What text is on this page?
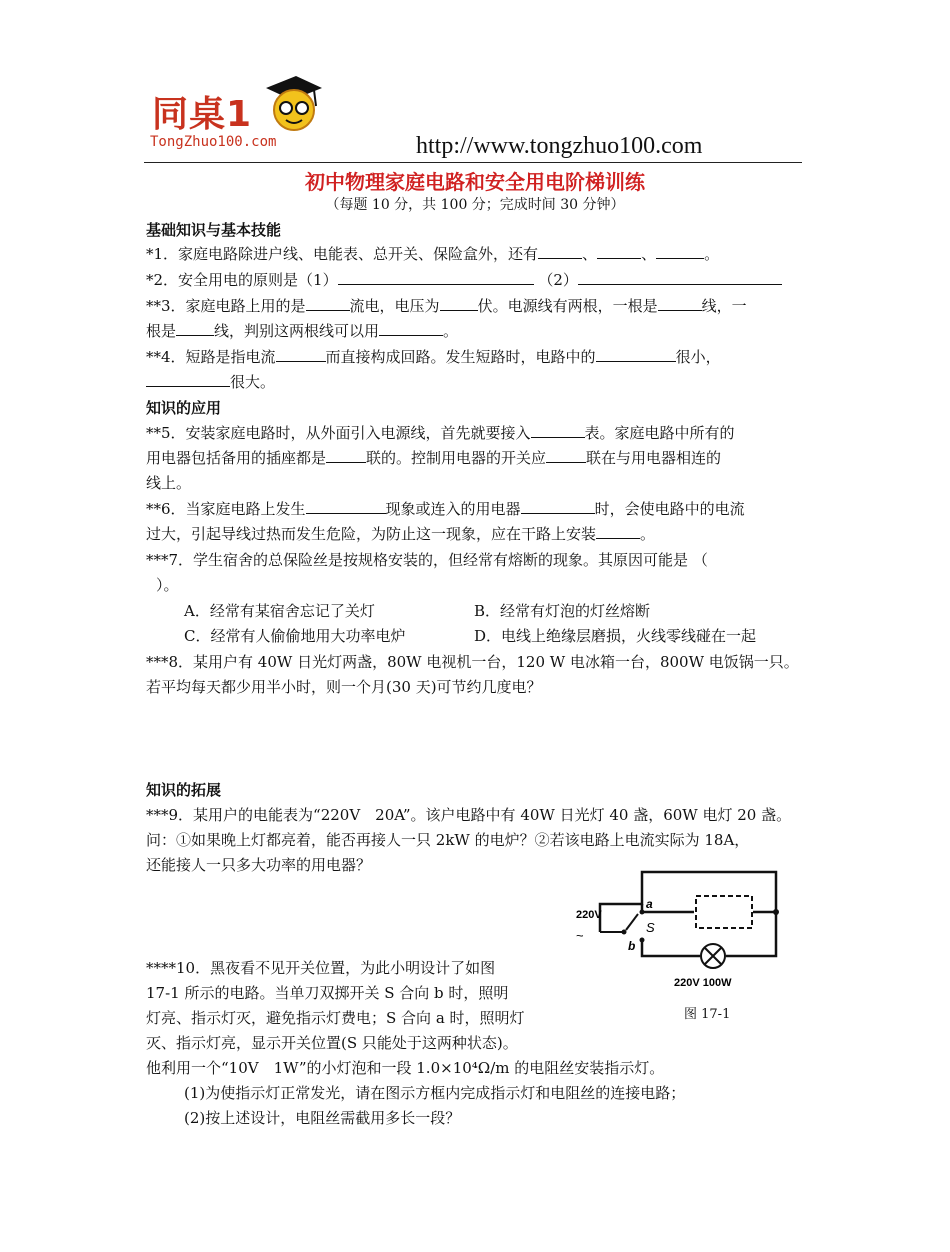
同桌1
TongZhuo100.com	http://www.tongzhuo100.com
初中物理家庭电路和安全用电阶梯训练
（每题 10 分，共 100 分；完成时间 30 分钟）
基础知识与基本技能
*1．家庭电路除进户线、电能表、总开关、保险盒外，还有	、	、	。
*2．安全用电的原则是（1）	（2）
**3．家庭电路上用的是	流电，电压为	伏。电源线有两根，一根是	线，一
根是	线，判别这两根线可以用	。
**4．短路是指电流	而直接构成回路。发生短路时，电路中的	很小，
很大。
知识的应用
**5．安装家庭电路时，从外面引入电源线，首先就要接入	表。家庭电路中所有的
用电器包括备用的插座都是	联的。控制用电器的开关应	联在与用电器相连的
线上。
**6．当家庭电路上发生	现象或连入的用电器	时，会使电路中的电流
过大，引起导线过热而发生危险，为防止这一现象，应在干路上安装	。
***7．学生宿舍的总保险丝是按规格安装的，但经常有熔断的现象。其原因可能是 （
）。
A．经常有某宿舍忘记了关灯	B．经常有灯泡的灯丝熔断
C．经常有人偷偷地用大功率电炉	D．电线上绝缘层磨损，火线零线碰在一起
***8．某用户有 40W 日光灯两盏，80W 电视机一台，120 W 电冰箱一台，800W 电饭锅一只。
若平均每天都少用半小时，则一个月(30 天)可节约几度电？
知识的拓展
***9．某用户的电能表为“220V　20A”。该户电路中有 40W 日光灯 40 盏，60W 电灯 20 盏。
问：①如果晚上灯都亮着，能否再接人一只 2kW 的电炉？②若该电路上电流实际为 18A，
还能接人一只多大功率的用电器？
****10．黑夜看不见开关位置，为此小明设计了如图
17-1 所示的电路。当单刀双掷开关 S 合向 b 时，照明
灯亮、指示灯灭，避免指示灯费电；S 合向 a 时，照明灯
灭、指示灯亮，显示开关位置(S 只能处于这两种状态)。
他利用一个“10V　1W”的小灯泡和一段 1.0×10⁴Ω/m 的电阻丝安装指示灯。
(1)为使指示灯正常发光，请在图示方框内完成指示灯和电阻丝的连接电路；
(2)按上述设计，电阻丝需截用多长一段？
220V
~
a
b
S
220V 100W
图 17-1
